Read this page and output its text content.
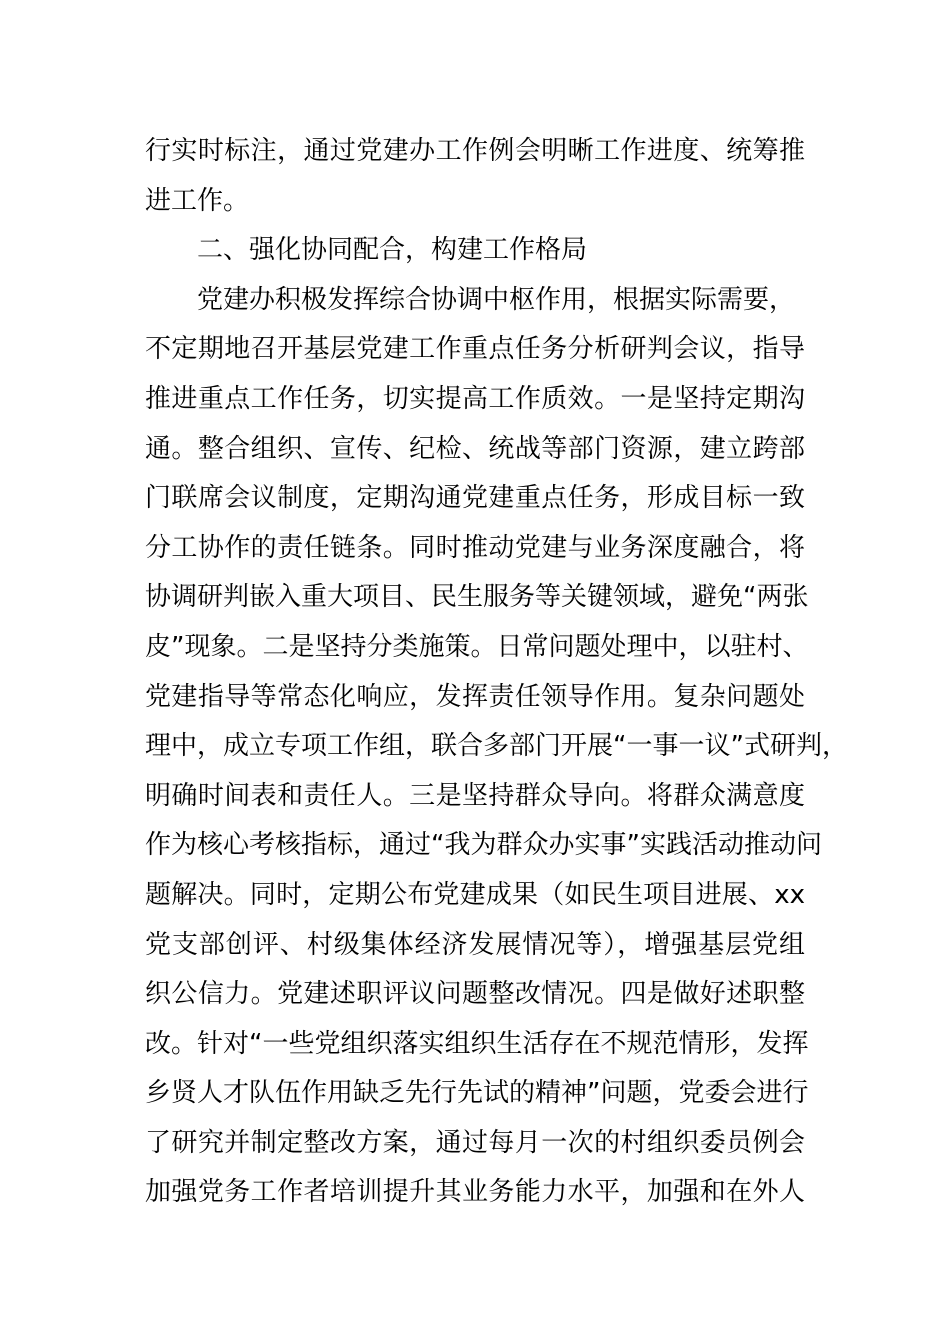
行实时标注，通过党建办工作例会明晰工作进度、统筹推
进工作。
二、强化协同配合，构建工作格局
党建办积极发挥综合协调中枢作用，根据实际需要，
不定期地召开基层党建工作重点任务分析研判会议，指导
推进重点工作任务，切实提高工作质效。一是坚持定期沟
通。整合组织、宣传、纪检、统战等部门资源，建立跨部
门联席会议制度，定期沟通党建重点任务，形成目标一致
分工协作的责任链条。同时推动党建与业务深度融合，将
协调研判嵌入重大项目、民生服务等关键领域，避免“两张
皮”现象。二是坚持分类施策。日常问题处理中，以驻村、
党建指导等常态化响应，发挥责任领导作用。复杂问题处
理中，成立专项工作组，联合多部门开展“一事一议”式研判，
明确时间表和责任人。三是坚持群众导向。将群众满意度
作为核心考核指标，通过“我为群众办实事”实践活动推动问
题解决。同时，定期公布党建成果（如民生项目进展、xx
党支部创评、村级集体经济发展情况等），增强基层党组
织公信力。党建述职评议问题整改情况。四是做好述职整
改。针对“一些党组织落实组织生活存在不规范情形，发挥
乡贤人才队伍作用缺乏先行先试的精神”问题，党委会进行
了研究并制定整改方案，通过每月一次的村组织委员例会
加强党务工作者培训提升其业务能力水平，加强和在外人
